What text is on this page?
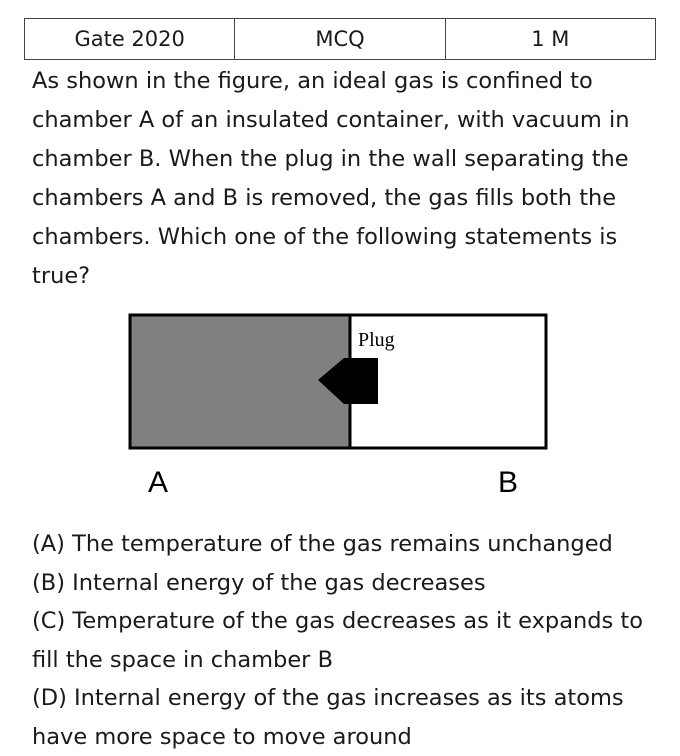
Gate 2020	MCQ	1 M

As shown in the figure, an ideal gas is confined to chamber A of an insulated container, with vacuum in chamber B. When the plug in the wall separating the chambers A and B is removed, the gas fills both the chambers. Which one of the following statements is true?

Plug
A	B
(A) The temperature of the gas remains unchanged
(B) Internal energy of the gas decreases
(C) Temperature of the gas decreases as it expands to fill the space in chamber B
(D) Internal energy of the gas increases as its atoms have more space to move around
